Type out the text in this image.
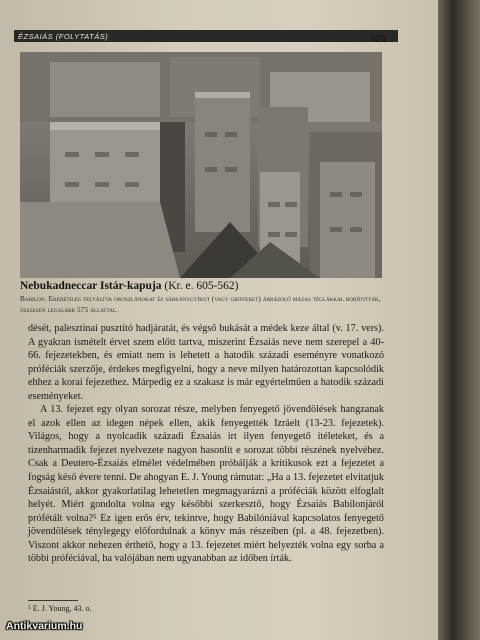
ÉZSAIÁS (FOLYTATÁS)	421
Nebukadneccar Istár-kapuja (Kr. e. 605-562)
Babilon. Eredetileg felváltva oroszlánokat és sárkánygyíkot (vagy griffeket) ábrázoló mázas téglákkal borították, összesen legalább 575 állattal.

dését, palesztinai pusztító hadjáratát, és végső bukását a médek keze által (v. 17. vers). A gyakran ismételt érvet szem előtt tartva, miszerint Ézsaiás neve nem szerepel a 40-66. fejezetekben, és emiatt nem is lehetett a hatodik századi eseményre vonatkozó próféciák szerzője, érdekes megfigyelni, hogy a neve milyen határozottan kapcsolódik ehhez a korai fejezethez. Márpedig ez a szakasz is már egyértelműen a hatodik századi eseményeket.

A 13. fejezet egy olyan sorozat része, melyben fenyegető jövendölések hangzanak el azok ellen az idegen népek ellen, akik fenyegették Izráelt (13-23. fejezetek). Világos, hogy a nyolcadik századi Ézsaiás irt ilyen fenyegető ítéleteket, és a tizenharmadik fejezet nyelvezete nagyon hasonlít e sorozat többi részének nyelvéhez. Csak a Deutero-Ézsaiás elmélet védelmében próbálják a kritikusok ezt a fejezetet a fogság késő évere tenni. De ahogyan E. J. Young rámutat: „Ha a 13. fejezetet elvitatjuk Ézsaiástól, akkor gyakorlatilag lehetetlen megmagyarázni a próféciák között elfoglalt helyét. Miért gondolta volna egy későbbi szerkesztő, hogy Ézsaiás Babilonjáról prófétált volna?⁵ Ez igen erős érv, tekintve, hogy Babilóniával kapcsolatos fenyegető jövendölések ténylegegy előfordulnak a könyv más részeiben (pl. a 48. fejezetben). Viszont akkor nehezen érthető, hogy a 13. fejezetet miért helyezték volna egy sorba a többi próféciával, ha valójában nem ugyanabban az időben írták.

⁵ E. J. Young, 43. o.
Antikvarium.hu
